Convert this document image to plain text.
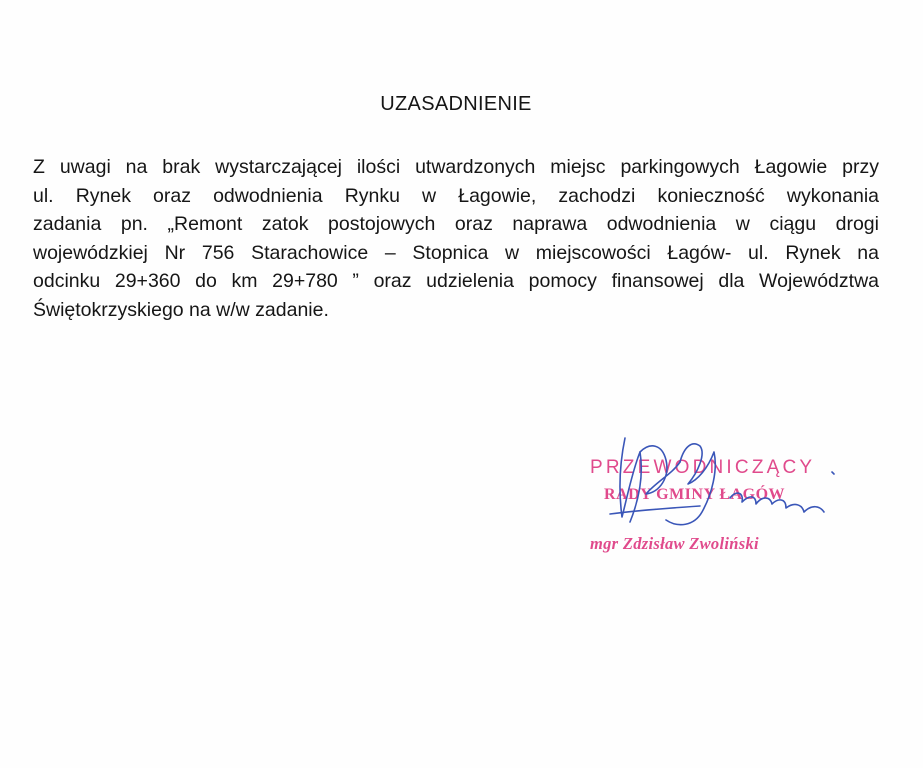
UZASADNIENIE
Z uwagi na brak wystarczającej ilości utwardzonych miejsc parkingowych Łagowie przy
ul. Rynek oraz odwodnienia Rynku w Łagowie, zachodzi konieczność wykonania
zadania pn. „Remont zatok postojowych oraz naprawa odwodnienia w ciągu drogi
wojewódzkiej Nr 756 Starachowice – Stopnica w miejscowości Łagów- ul. Rynek na
odcinku 29+360 do km 29+780 ” oraz udzielenia pomocy finansowej dla Województwa
Świętokrzyskiego na w/w zadanie.
PRZEWODNICZĄCY
RADY GMINY ŁAGÓW
mgr Zdzisław Zwoliński
